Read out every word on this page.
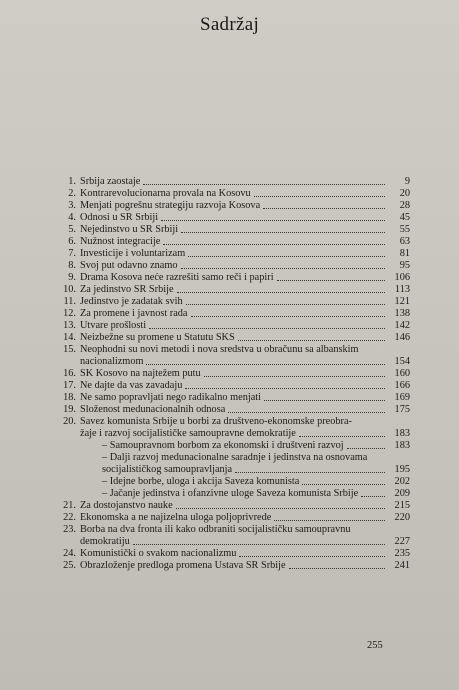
Sadržaj
1. Srbija zaostaje	9
2. Kontrarevolucionarna provala na Kosovu	20
3. Menjati pogrešnu strategiju razvoja Kosova	28
4. Odnosi u SR Srbiji	45
5. Nejedinstvo u SR Srbiji	55
6. Nužnost integracije	63
7. Investicije i voluntarizam	81
8. Svoj put odavno znamo	95
9. Drama Kosova neće razrešiti samo reči i papiri	106
10. Za jedinstvo SR Srbije	113
11. Jedinstvo je zadatak svih	121
12. Za promene i javnost rada	138
13. Utvare prošlosti	142
14. Neizbežne su promene u Statutu SKS	146
15. Neophodni su novi metodi i nova sredstva u obračunu sa albanskim
nacionalizmom	154
16. SK Kosovo na najtežem putu	160
17. Ne dajte da vas zavadaju	166
18. Ne samo popravljati nego radikalno menjati	169
19. Složenost medunacionalnih odnosa	175
20. Savez komunista Srbije u borbi za društveno-ekonomske preobra-
žaje i razvoj socijalističke samoupravne demokratije	183
– Samoupravnom borbom za ekonomski i društveni razvoj	183
– Dalji razvoj medunacionalne saradnje i jedinstva na osnovama
socijalističkog samoupravljanja	195
– Idejne borbe, uloga i akcija Saveza komunista	202
– Jačanje jedinstva i ofanzivne uloge Saveza komunista Srbije	209
21. Za dostojanstvo nauke	215
22. Ekonomska a ne najizelna uloga poljoprivrede	220
23. Borba na dva fronta ili kako odbraniti socijalističku samoupravnu
demokratiju	227
24. Komunistički o svakom nacionalizmu	235
25. Obrazloženje predloga promena Ustava SR Srbije	241
255
